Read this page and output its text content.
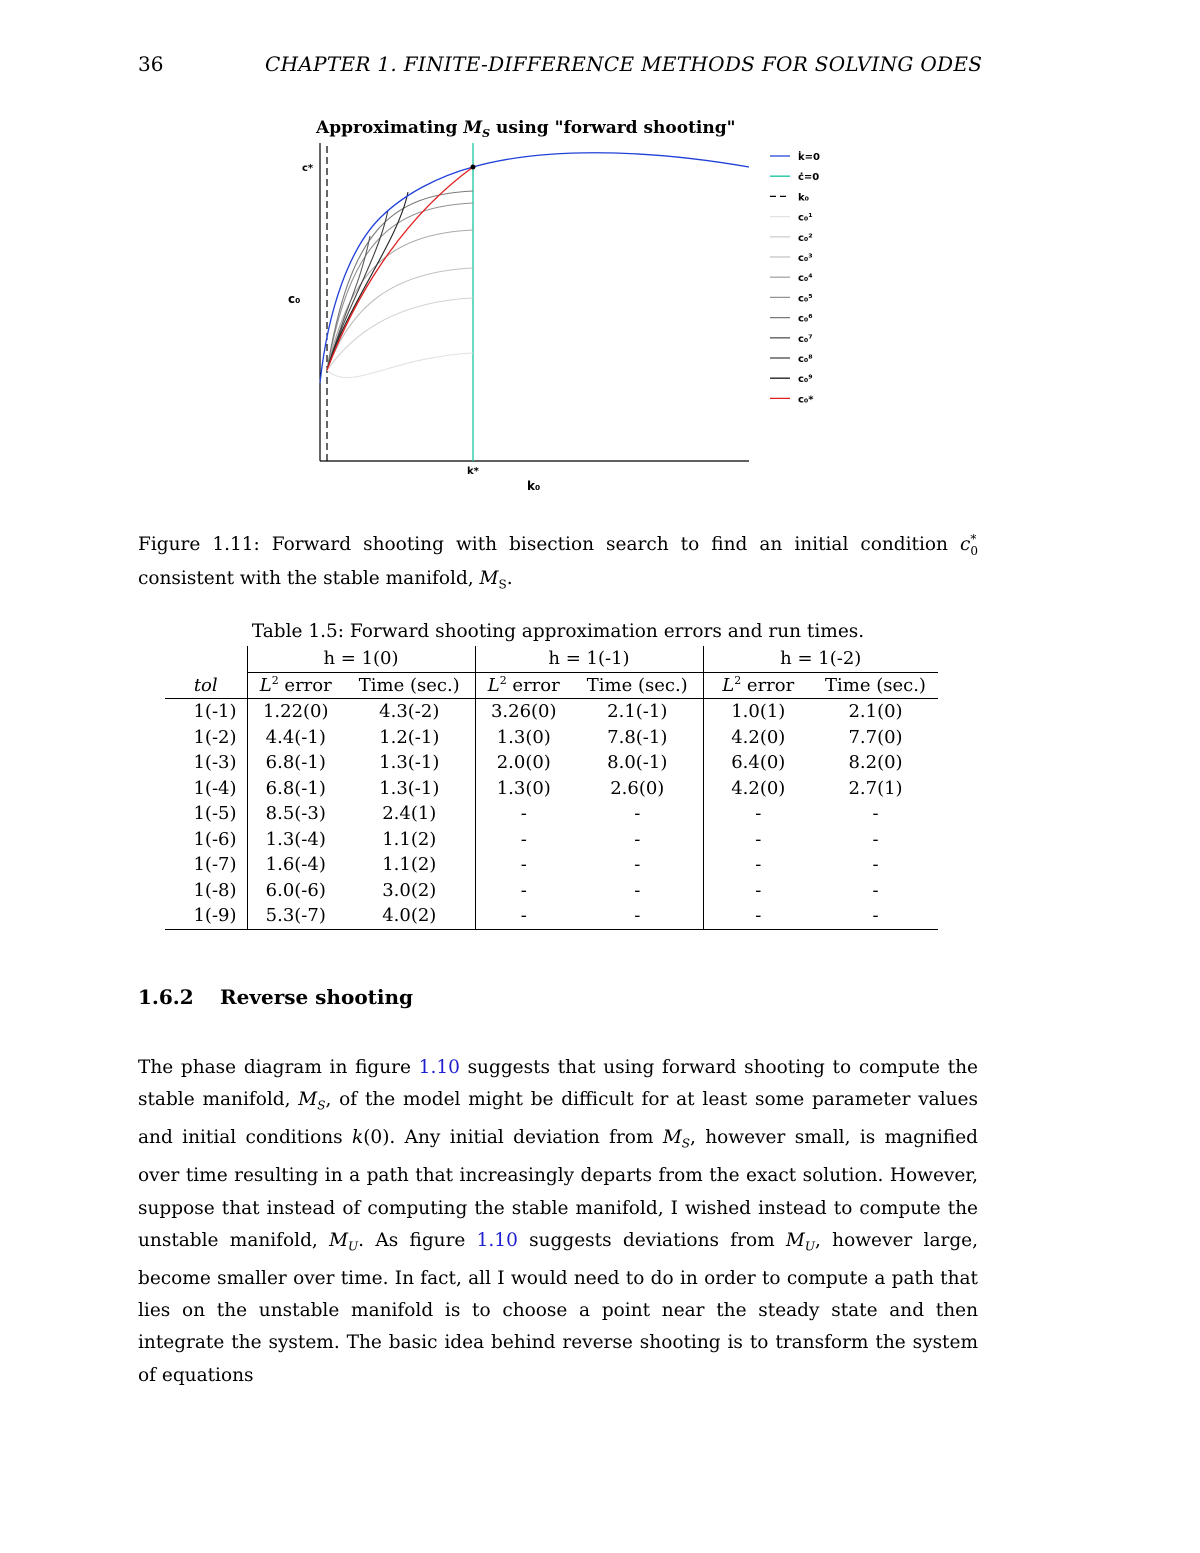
36	CHAPTER 1. FINITE-DIFFERENCE METHODS FOR SOLVING ODES
Approximating $M_S$ using "forward shooting"
c*
c₀
k*
k₀
k̇=0
ċ=0
k₀
c₀¹
c₀²
c₀³
c₀⁴
c₀⁵
c₀⁶
c₀⁷
c₀⁸
c₀⁹
c₀*
Figure 1.11: Forward shooting with bisection search to find an initial condition $c^*_0$ consistent with the stable manifold, $M_S$.
Table 1.5: Forward shooting approximation errors and run times.
	h = 1(0)		h = 1(-1)		h = 1(-2)	
tol	$L^2$ error	Time (sec.)	$L^2$ error	Time (sec.)	$L^2$ error	Time (sec.)
1(-1)	1.22(0)	4.3(-2)	3.26(0)	2.1(-1)	1.0(1)	2.1(0)
1(-2)	4.4(-1)	1.2(-1)	1.3(0)	7.8(-1)	4.2(0)	7.7(0)
1(-3)	6.8(-1)	1.3(-1)	2.0(0)	8.0(-1)	6.4(0)	8.2(0)
1(-4)	6.8(-1)	1.3(-1)	1.3(0)	2.6(0)	4.2(0)	2.7(1)
1(-5)	8.5(-3)	2.4(1)	-	-	-	-
1(-6)	1.3(-4)	1.1(2)	-	-	-	-
1(-7)	1.6(-4)	1.1(2)	-	-	-	-
1(-8)	6.0(-6)	3.0(2)	-	-	-	-
1(-9)	5.3(-7)	4.0(2)	-	-	-	-
1.6.2 Reverse shooting
The phase diagram in figure 1.10 suggests that using forward shooting to compute the stable manifold, $M_S$, of the model might be difficult for at least some parameter values and initial conditions k(0). Any initial deviation from $M_S$, however small, is magnified over time resulting in a path that increasingly departs from the exact solution. However, suppose that instead of computing the stable manifold, I wished instead to compute the unstable manifold, $M_U$. As figure 1.10 suggests deviations from $M_U$, however large, become smaller over time. In fact, all I would need to do in order to compute a path that lies on the unstable manifold is to choose a point near the steady state and then integrate the system. The basic idea behind reverse shooting is to transform the system of equations
